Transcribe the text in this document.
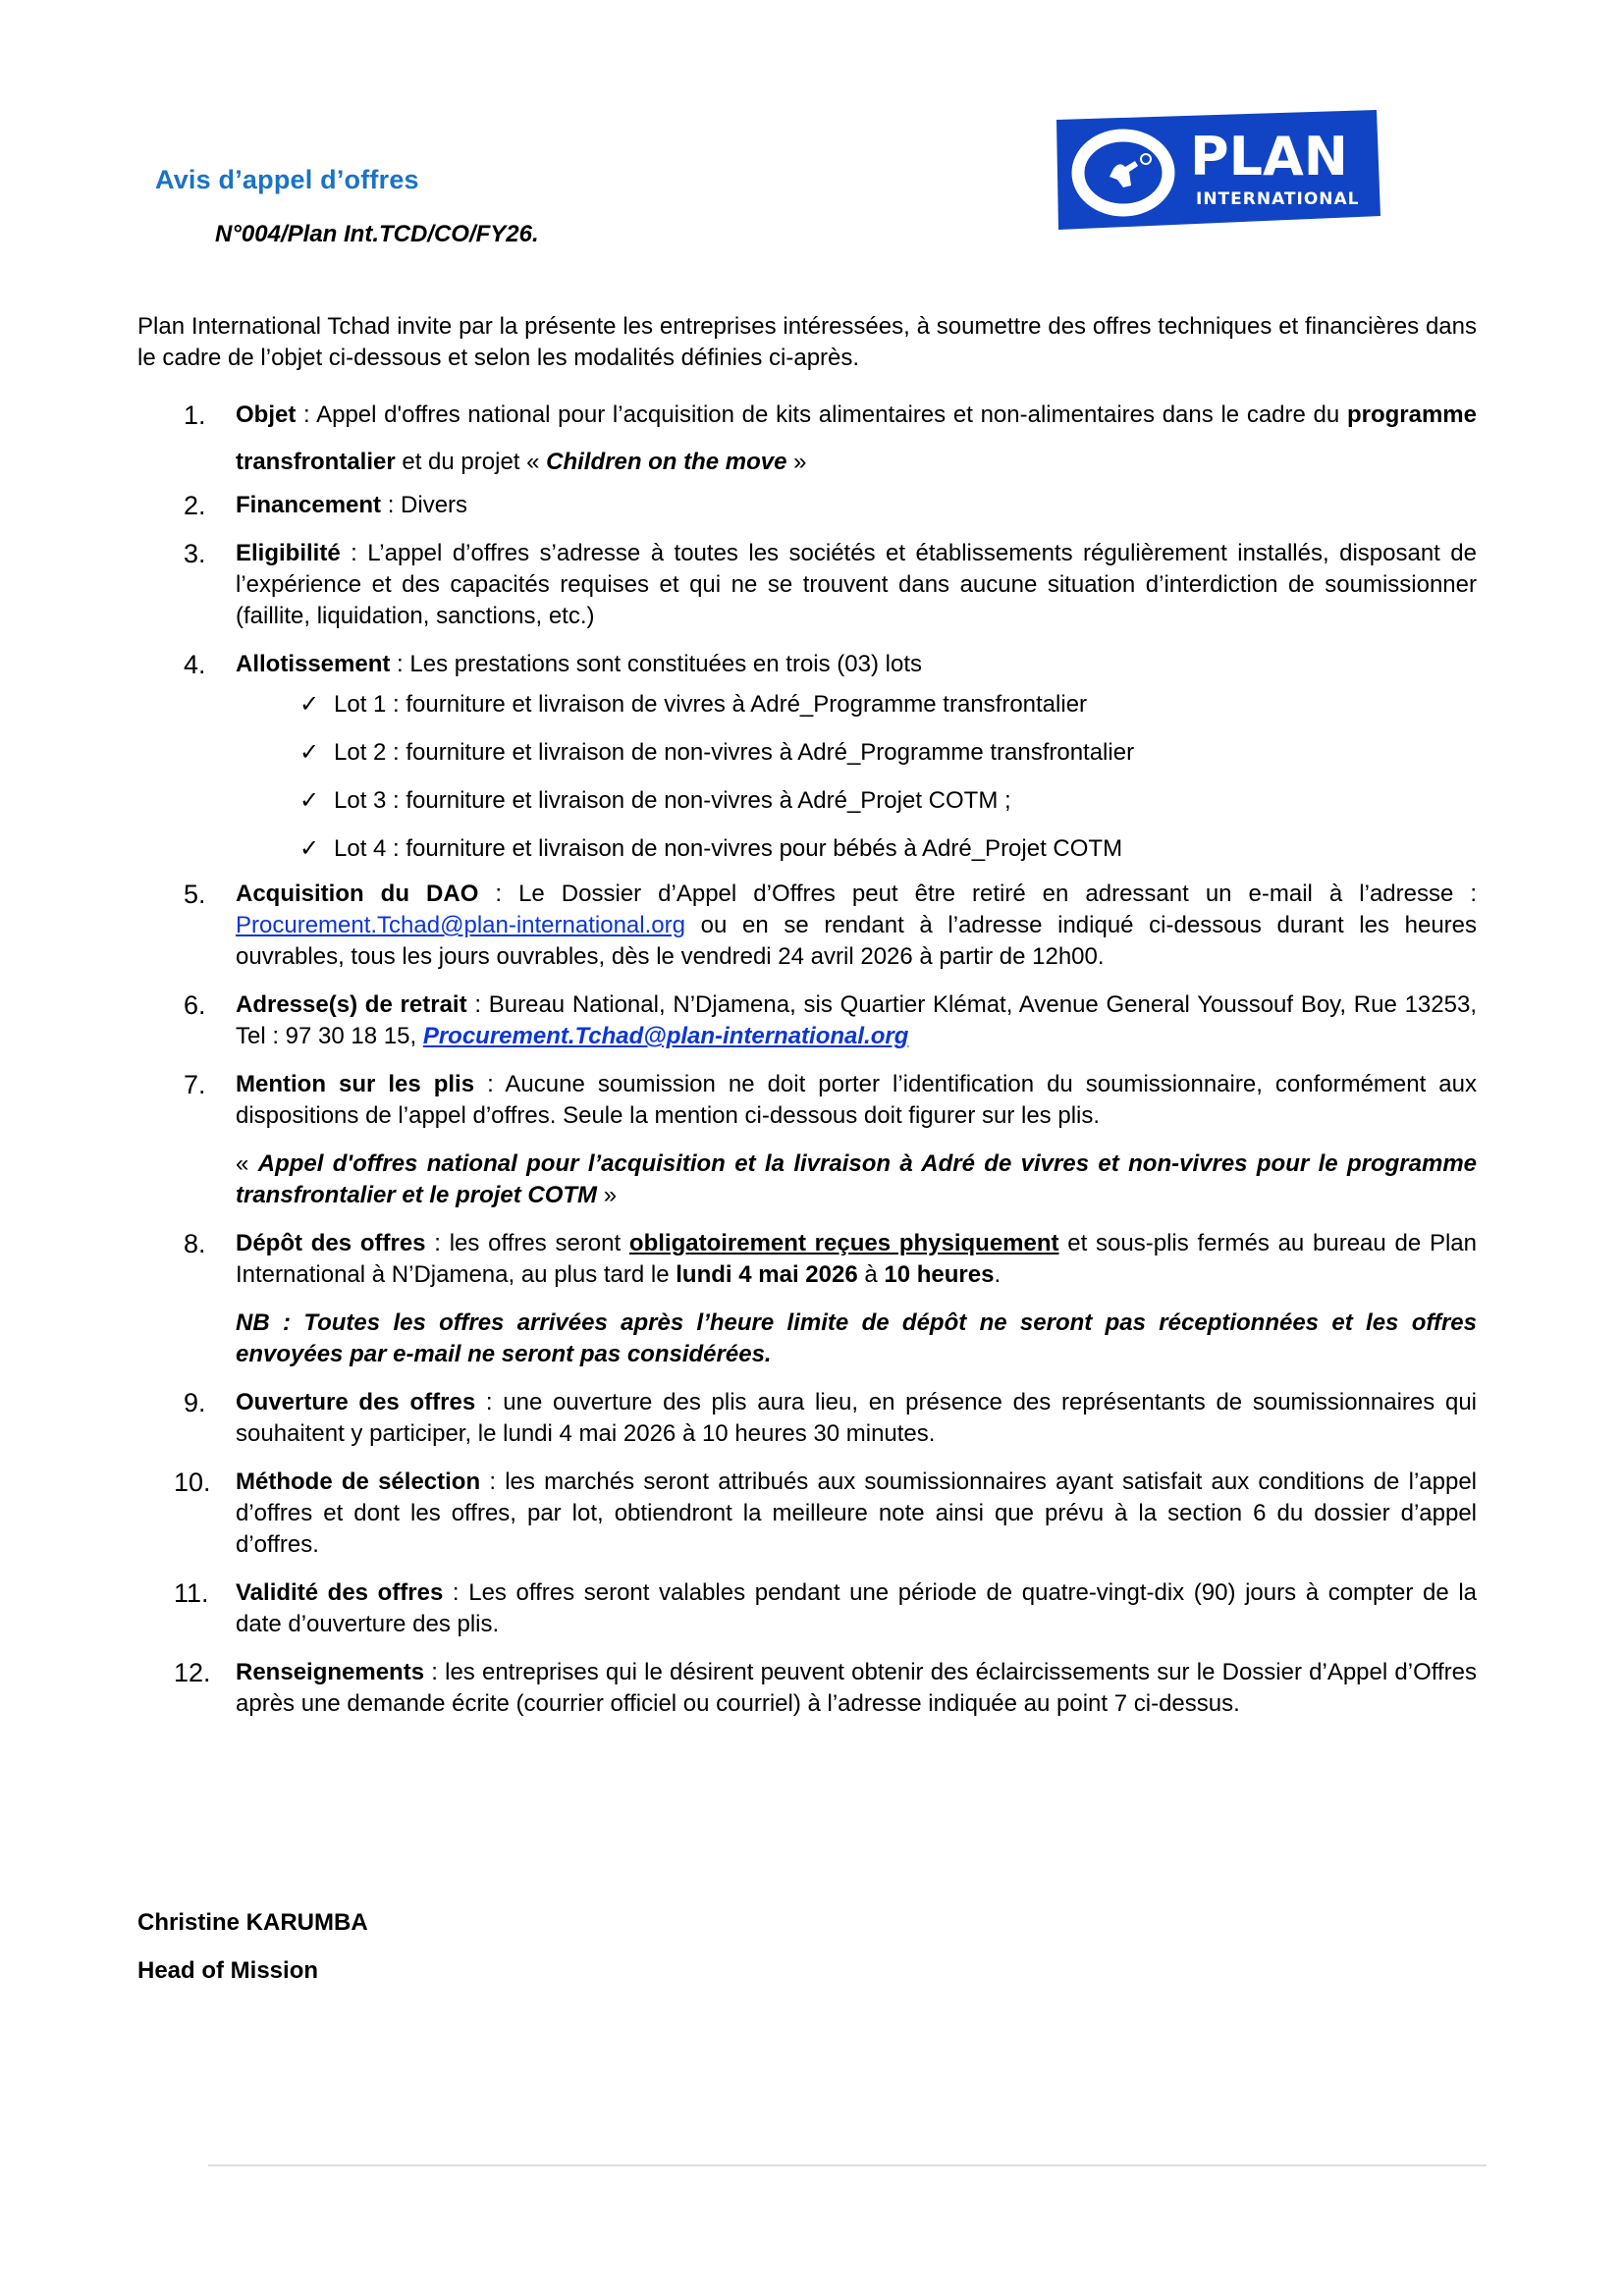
Avis d’appel d’offres
N°004/Plan Int.TCD/CO/FY26.
PLAN
INTERNATIONAL
Plan International Tchad invite par la présente les entreprises intéressées, à soumettre des offres techniques et financières dans le cadre de l’objet ci-dessous et selon les modalités définies ci-après.
1. Objet : Appel d'offres national pour l’acquisition de kits alimentaires et non-alimentaires dans le cadre du programme transfrontalier et du projet « Children on the move »
2. Financement : Divers
3. Eligibilité : L’appel d’offres s’adresse à toutes les sociétés et établissements régulièrement installés, disposant de l’expérience et des capacités requises et qui ne se trouvent dans aucune situation d’interdiction de soumissionner (faillite, liquidation, sanctions, etc.)
4. Allotissement : Les prestations sont constituées en trois (03) lots
✓ Lot 1 : fourniture et livraison de vivres à Adré_Programme transfrontalier
✓ Lot 2 : fourniture et livraison de non-vivres à Adré_Programme transfrontalier
✓ Lot 3 : fourniture et livraison de non-vivres à Adré_Projet COTM ;
✓ Lot 4 : fourniture et livraison de non-vivres pour bébés à Adré_Projet COTM
5. Acquisition du DAO : Le Dossier d’Appel d’Offres peut être retiré en adressant un e-mail à l’adresse : Procurement.Tchad@plan-international.org ou en se rendant à l’adresse indiqué ci-dessous durant les heures ouvrables, tous les jours ouvrables, dès le vendredi 24 avril 2026 à partir de 12h00.
6. Adresse(s) de retrait : Bureau National, N’Djamena, sis Quartier Klémat, Avenue General Youssouf Boy, Rue 13253, Tel : 97 30 18 15, Procurement.Tchad@plan-international.org
7. Mention sur les plis : Aucune soumission ne doit porter l’identification du soumissionnaire, conformément aux dispositions de l’appel d’offres. Seule la mention ci-dessous doit figurer sur les plis.
« Appel d'offres national pour l’acquisition et la livraison à Adré de vivres et non-vivres pour le programme transfrontalier et le projet COTM »
8. Dépôt des offres : les offres seront obligatoirement reçues physiquement et sous-plis fermés au bureau de Plan International à N’Djamena, au plus tard le lundi 4 mai 2026 à 10 heures.
NB : Toutes les offres arrivées après l’heure limite de dépôt ne seront pas réceptionnées et les offres envoyées par e-mail ne seront pas considérées.
9. Ouverture des offres : une ouverture des plis aura lieu, en présence des représentants de soumissionnaires qui souhaitent y participer, le lundi 4 mai 2026 à 10 heures 30 minutes.
10. Méthode de sélection : les marchés seront attribués aux soumissionnaires ayant satisfait aux conditions de l’appel d’offres et dont les offres, par lot, obtiendront la meilleure note ainsi que prévu à la section 6 du dossier d’appel d’offres.
11. Validité des offres : Les offres seront valables pendant une période de quatre-vingt-dix (90) jours à compter de la date d’ouverture des plis.
12. Renseignements : les entreprises qui le désirent peuvent obtenir des éclaircissements sur le Dossier d’Appel d’Offres après une demande écrite (courrier officiel ou courriel) à l’adresse indiquée au point 7 ci-dessus.
Christine KARUMBA
Head of Mission
